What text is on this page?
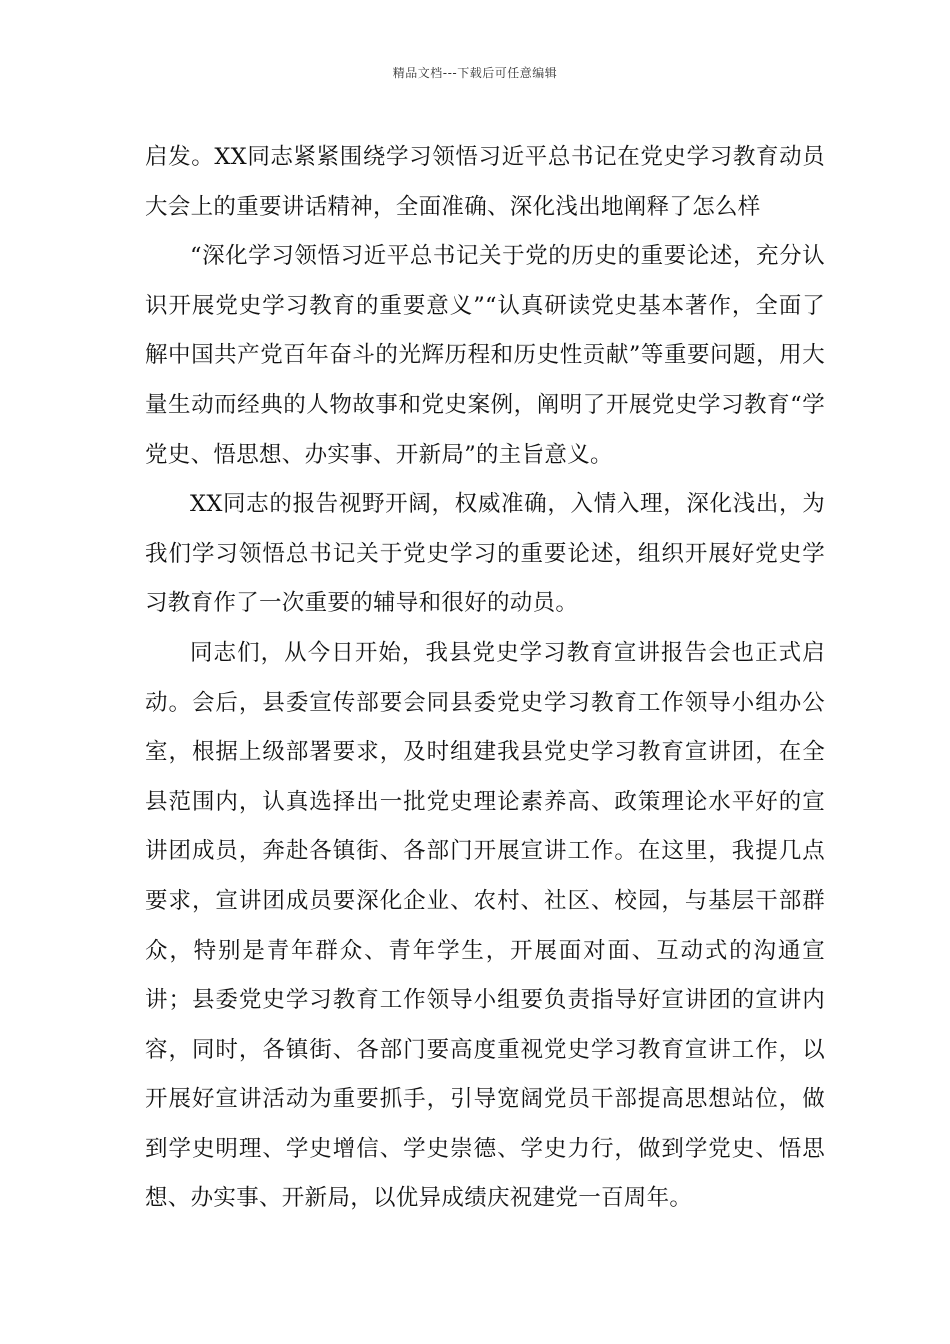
精品文档---下载后可任意编辑

启发。XX同志紧紧围绕学习领悟习近平总书记在党史学习教育动员大会上的重要讲话精神，全面准确、深化浅出地阐释了怎么样

“深化学习领悟习近平总书记关于党的历史的重要论述，充分认识开展党史学习教育的重要意义”“认真研读党史基本著作，全面了解中国共产党百年奋斗的光辉历程和历史性贡献”等重要问题，用大量生动而经典的人物故事和党史案例，阐明了开展党史学习教育“学党史、悟思想、办实事、开新局”的主旨意义。

XX同志的报告视野开阔，权威准确，入情入理，深化浅出，为我们学习领悟总书记关于党史学习的重要论述，组织开展好党史学习教育作了一次重要的辅导和很好的动员。

同志们，从今日开始，我县党史学习教育宣讲报告会也正式启动。会后，县委宣传部要会同县委党史学习教育工作领导小组办公室，根据上级部署要求，及时组建我县党史学习教育宣讲团，在全县范围内，认真选择出一批党史理论素养高、政策理论水平好的宣讲团成员，奔赴各镇街、各部门开展宣讲工作。在这里，我提几点要求，宣讲团成员要深化企业、农村、社区、校园，与基层干部群众，特别是青年群众、青年学生，开展面对面、互动式的沟通宣讲；县委党史学习教育工作领导小组要负责指导好宣讲团的宣讲内容，同时，各镇街、各部门要高度重视党史学习教育宣讲工作，以开展好宣讲活动为重要抓手，引导宽阔党员干部提高思想站位，做到学史明理、学史增信、学史崇德、学史力行，做到学党史、悟思想、办实事、开新局，以优异成绩庆祝建党一百周年。
